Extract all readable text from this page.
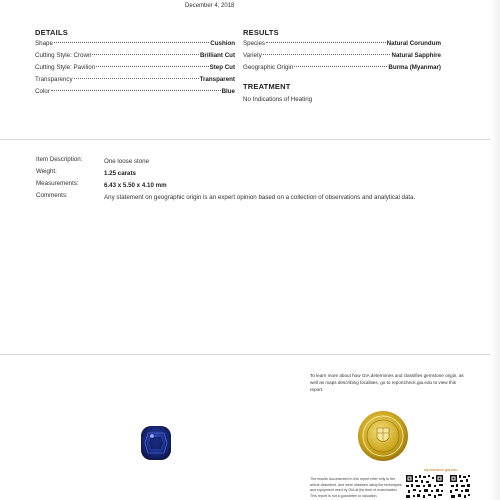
December 4, 2018
DETAILS
Shape	Cushion
Cutting Style: Crown	Brilliant Cut
Cutting Style: Pavilion	Step Cut
Transparency	Transparent
Color	Blue
RESULTS
Species	Natural Corundum
Variety	Natural Sapphire
Geographic Origin	Burma (Myanmar)
TREATMENT
No Indications of Heating
Item Description:	One loose stone
Weight:	1.25 carats
Measurements:	6.43 x 5.50 x 4.10 mm
Comments:	Any statement on geographic origin is an expert opinion based on a collection of observations and analytical data.
To learn more about how GIA determines and classifies gemstone origin, as well as maps describing localities, go to reportcheck.gia.edu to view this report.
The results documented in this report refer only to the article described, and were obtained using the techniques and equipment used by GIA at the time of examination. This report is not a guarantee or valuation.
reportcheck.gia.edu
